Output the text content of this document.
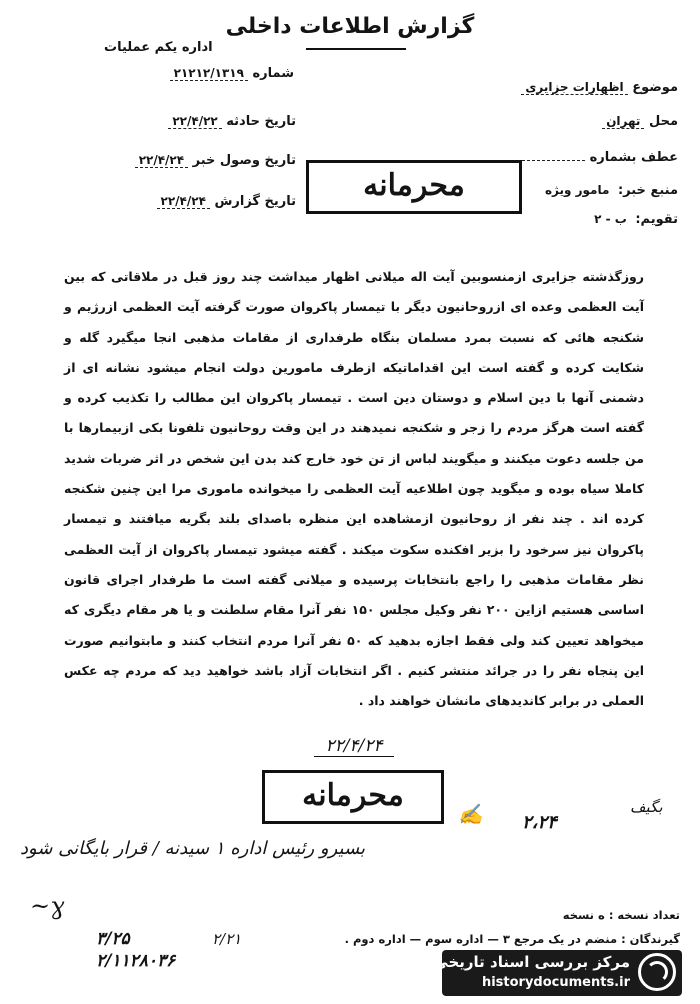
گزارش اطلاعات داخلی
اداره یکم عملیات
۲۱۲۱۲/۱۳۱۹ شماره
۲۲/۴/۲۲ تاریخ حادثه
۲۲/۴/۲۴ تاریخ وصول خبر
۲۲/۴/۲۴ تاریخ گزارش
اظهارات جزایری موضوع
تهران محل
عطف بشماره
مامور ویژه منبع خبر:
ب - ۲ تقویم:
محرمانه

روزگذشته جزایری ازمنسوبین آیت اله میلانی اظهار میداشت چند روز قبل در ملاقاتی که بین آیت العظمی وعده ای ازروحانیون دیگر با تیمسار پاکروان صورت گرفته آیت العظمی ازرژیم و شکنجه هائی که نسبت بمرد مسلمان بنگاه طرفداری از مقامات مذهبی انجا میگیرد گله و شکایت کرده و گفته است این اقداماتیکه ازطرف مامورین دولت انجام میشود نشانه ای از دشمنی آنها با دین اسلام و دوستان دین است . تیمسار پاکروان این مطالب را تکذیب کرده و گفته است هرگز مردم را زجر و شکنجه نمیدهند در این وقت روحانیون تلفونا بکی ازبیمارها با من جلسه دعوت میکنند و میگویند لباس از تن خود خارج کند بدن این شخص در اثر ضربات شدید کاملا سیاه بوده و میگوید چون اطلاعیه آیت العظمی را میخوانده ماموری مرا این چنین شکنجه کرده اند . چند نفر از روحانیون ازمشاهده این منظره باصدای بلند بگریه میافتند و تیمسار پاکروان نیز سرخود را بزیر افکنده سکوت میکند . گفته میشود تیمسار پاکروان از آیت العظمی نظر مقامات مذهبی را راجع بانتخابات پرسیده و میلانی گفته است ما طرفدار اجرای قانون اساسی هستیم ازاین ۲۰۰ نفر وکیل مجلس ۱۵۰ نفر آنرا مقام سلطنت و یا هر مقام دیگری که میخواهد تعیین کند ولی فقط اجازه بدهید که ۵۰ نفر آنرا مردم انتخاب کنند و مابتوانیم صورت این پنجاه نفر را در جرائد منتشر کنیم . اگر انتخابات آزاد باشد خواهید دید که مردم چه عکس العملی در برابر کاندیدهای مانشان خواهند داد .

۲۲/۴/۲۴
محرمانه
✍ ۲،۲۴
بسیرو رئیس اداره ۱ سیدنه / قرار بایگانی شود
بگیف
۲/۲۱
۳/۲۵ ۲/۱۱۲۸۰۳۶
~ɣ	ه نسخه تعداد نسخه :
گیرندگان : منضم در یک مرجع ۳ — اداره سوم — اداره دوم .
مرکز بررسی اسناد تاریخی
historydocuments.ir
